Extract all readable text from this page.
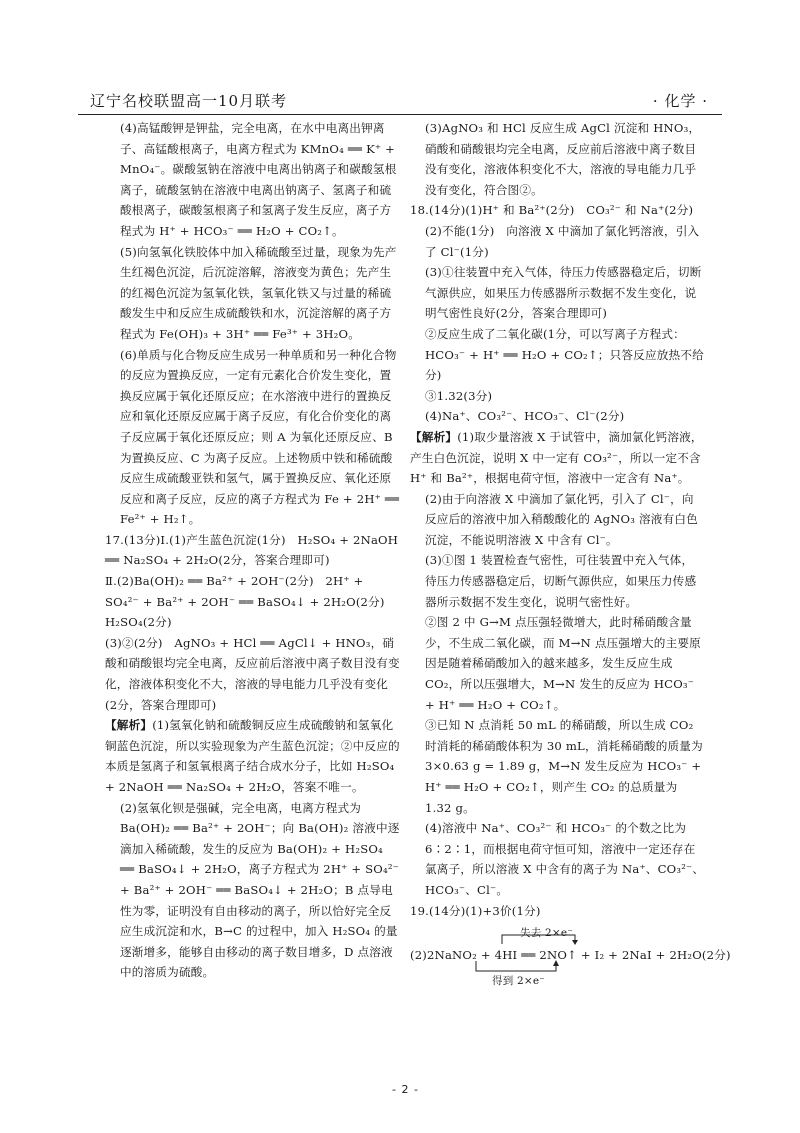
辽宁名校联盟高一10月联考	· 化学 ·

(4)高锰酸钾是钾盐，完全电离，在水中电离出钾离子、高锰酸根离子，电离方程式为 KMnO₄ ══ K⁺ + MnO₄⁻。碳酸氢钠在溶液中电离出钠离子和碳酸氢根离子，硫酸氢钠在溶液中电离出钠离子、氢离子和硫酸根离子，碳酸氢根离子和氢离子发生反应，离子方程式为 H⁺ + HCO₃⁻ ══ H₂O + CO₂↑。

(5)向氢氧化铁胶体中加入稀硫酸至过量，现象为先产生红褐色沉淀，后沉淀溶解，溶液变为黄色；先产生的红褐色沉淀为氢氧化铁，氢氧化铁又与过量的稀硫酸发生中和反应生成硫酸铁和水，沉淀溶解的离子方程式为 Fe(OH)₃ + 3H⁺ ══ Fe³⁺ + 3H₂O。

(6)单质与化合物反应生成另一种单质和另一种化合物的反应为置换反应，一定有元素化合价发生变化，置换反应属于氧化还原反应；在水溶液中进行的置换反应和氧化还原反应属于离子反应，有化合价变化的离子反应属于氧化还原反应；则 A 为氧化还原反应、B 为置换反应、C 为离子反应。上述物质中铁和稀硫酸反应生成硫酸亚铁和氢气，属于置换反应、氧化还原反应和离子反应，反应的离子方程式为 Fe + 2H⁺ ══ Fe²⁺ + H₂↑。

17.(13分)Ⅰ.(1)产生蓝色沉淀(1分)　H₂SO₄ + 2NaOH ══ Na₂SO₄ + 2H₂O(2分，答案合理即可)

Ⅱ.(2)Ba(OH)₂ ══ Ba²⁺ + 2OH⁻(2分)　2H⁺ + SO₄²⁻ + Ba²⁺ + 2OH⁻ ══ BaSO₄↓ + 2H₂O(2分)　H₂SO₄(2分)

(3)②(2分)　AgNO₃ + HCl ══ AgCl↓ + HNO₃，硝酸和硝酸银均完全电离，反应前后溶液中离子数目没有变化，溶液体积变化不大，溶液的导电能力几乎没有变化(2分，答案合理即可)

【解析】(1)氢氧化钠和硫酸铜反应生成硫酸钠和氢氧化铜蓝色沉淀，所以实验现象为产生蓝色沉淀；②中反应的本质是氢离子和氢氧根离子结合成水分子，比如 H₂SO₄ + 2NaOH ══ Na₂SO₄ + 2H₂O，答案不唯一。

(2)氢氧化钡是强碱，完全电离，电离方程式为 Ba(OH)₂ ══ Ba²⁺ + 2OH⁻；向 Ba(OH)₂ 溶液中逐滴加入稀硫酸，发生的反应为 Ba(OH)₂ + H₂SO₄ ══ BaSO₄↓ + 2H₂O，离子方程式为 2H⁺ + SO₄²⁻ + Ba²⁺ + 2OH⁻ ══ BaSO₄↓ + 2H₂O；B 点导电性为零，证明没有自由移动的离子，所以恰好完全反应生成沉淀和水，B→C 的过程中，加入 H₂SO₄ 的量逐渐增多，能够自由移动的离子数目增多，D 点溶液中的溶质为硫酸。

(3)AgNO₃ 和 HCl 反应生成 AgCl 沉淀和 HNO₃，硝酸和硝酸银均完全电离，反应前后溶液中离子数目没有变化，溶液体积变化不大，溶液的导电能力几乎没有变化，符合图②。

18.(14分)(1)H⁺ 和 Ba²⁺(2分)　CO₃²⁻ 和 Na⁺(2分)

(2)不能(1分)　向溶液 X 中滴加了氯化钙溶液，引入了 Cl⁻(1分)

(3)①往装置中充入气体，待压力传感器稳定后，切断气源供应，如果压力传感器所示数据不发生变化，说明气密性良好(2分，答案合理即可)

②反应生成了二氧化碳(1分，可以写离子方程式：HCO₃⁻ + H⁺ ══ H₂O + CO₂↑；只答反应放热不给分)

③1.32(3分)

(4)Na⁺、CO₃²⁻、HCO₃⁻、Cl⁻(2分)

【解析】(1)取少量溶液 X 于试管中，滴加氯化钙溶液，产生白色沉淀，说明 X 中一定有 CO₃²⁻，所以一定不含 H⁺ 和 Ba²⁺，根据电荷守恒，溶液中一定含有 Na⁺。

(2)由于向溶液 X 中滴加了氯化钙，引入了 Cl⁻，向反应后的溶液中加入稍酸酸化的 AgNO₃ 溶液有白色沉淀，不能说明溶液 X 中含有 Cl⁻。

(3)①图 1 装置检查气密性，可往装置中充入气体，待压力传感器稳定后，切断气源供应，如果压力传感器所示数据不发生变化，说明气密性好。

②图 2 中 G→M 点压强轻微增大，此时稀硝酸含量少，不生成二氧化碳，而 M→N 点压强增大的主要原因是随着稀硝酸加入的越来越多，发生反应生成 CO₂，所以压强增大，M→N 发生的反应为 HCO₃⁻ + H⁺ ══ H₂O + CO₂↑。

③已知 N 点消耗 50 mL 的稀硝酸，所以生成 CO₂ 时消耗的稀硝酸体积为 30 mL，消耗稀硝酸的质量为 3×0.63 g = 1.89 g，M→N 发生反应为 HCO₃⁻ + H⁺ ══ H₂O + CO₂↑，则产生 CO₂ 的总质量为 1.32 g。

(4)溶液中 Na⁺、CO₃²⁻ 和 HCO₃⁻ 的个数之比为 6∶2∶1，而根据电荷守恒可知，溶液中一定还存在氯离子，所以溶液 X 中含有的离子为 Na⁺、CO₃²⁻、HCO₃⁻、Cl⁻。

19.(14分)(1)+3价(1分)

失去 2×e⁻
(2)2NaNO₂ + 4HI ══ 2NO↑ + I₂ + 2NaI + 2H₂O(2分)
得到 2×e⁻
- 2 -
